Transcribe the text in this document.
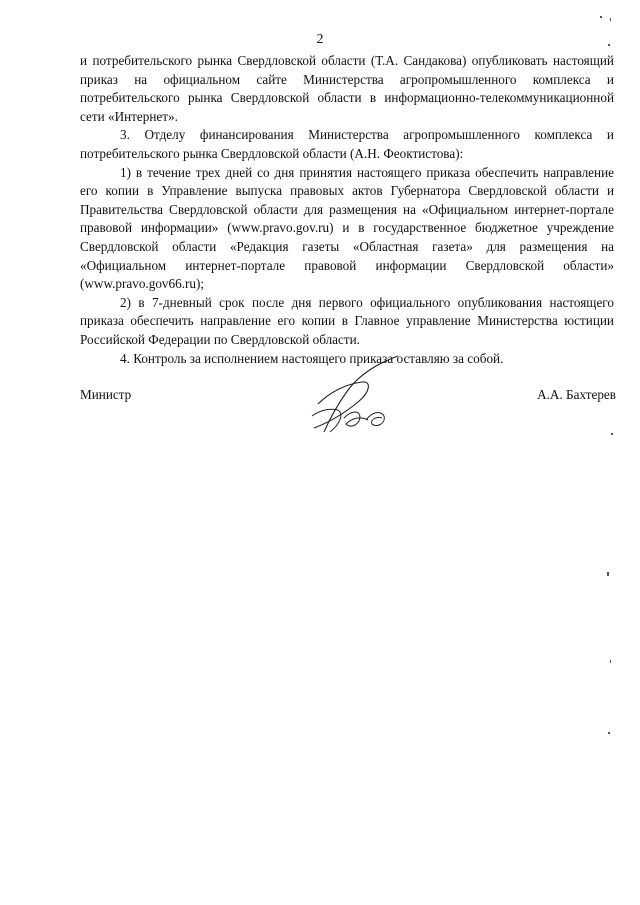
2

и потребительского рынка Свердловской области (Т.А. Сандакова) опубликовать настоящий приказ на официальном сайте Министерства агропромышленного комплекса и потребительского рынка Свердловской области в информационно-телекоммуникационной сети «Интернет».

3. Отделу финансирования Министерства агропромышленного комплекса и потребительского рынка Свердловской области (А.Н. Феоктистова):

1) в течение трех дней со дня принятия настоящего приказа обеспечить направление его копии в Управление выпуска правовых актов Губернатора Свердловской области и Правительства Свердловской области для размещения на «Официальном интернет-портале правовой информации» (www.pravo.gov.ru) и в государственное бюджетное учреждение Свердловской области «Редакция газеты «Областная газета» для размещения на «Официальном интернет-портале правовой информации Свердловской области» (www.pravo.gov66.ru);

2) в 7-дневный срок после дня первого официального опубликования настоящего приказа обеспечить направление его копии в Главное управление Министерства юстиции Российской Федерации по Свердловской области.

4. Контроль за исполнением настоящего приказа оставляю за собой.

Министр	А.А. Бахтерев
